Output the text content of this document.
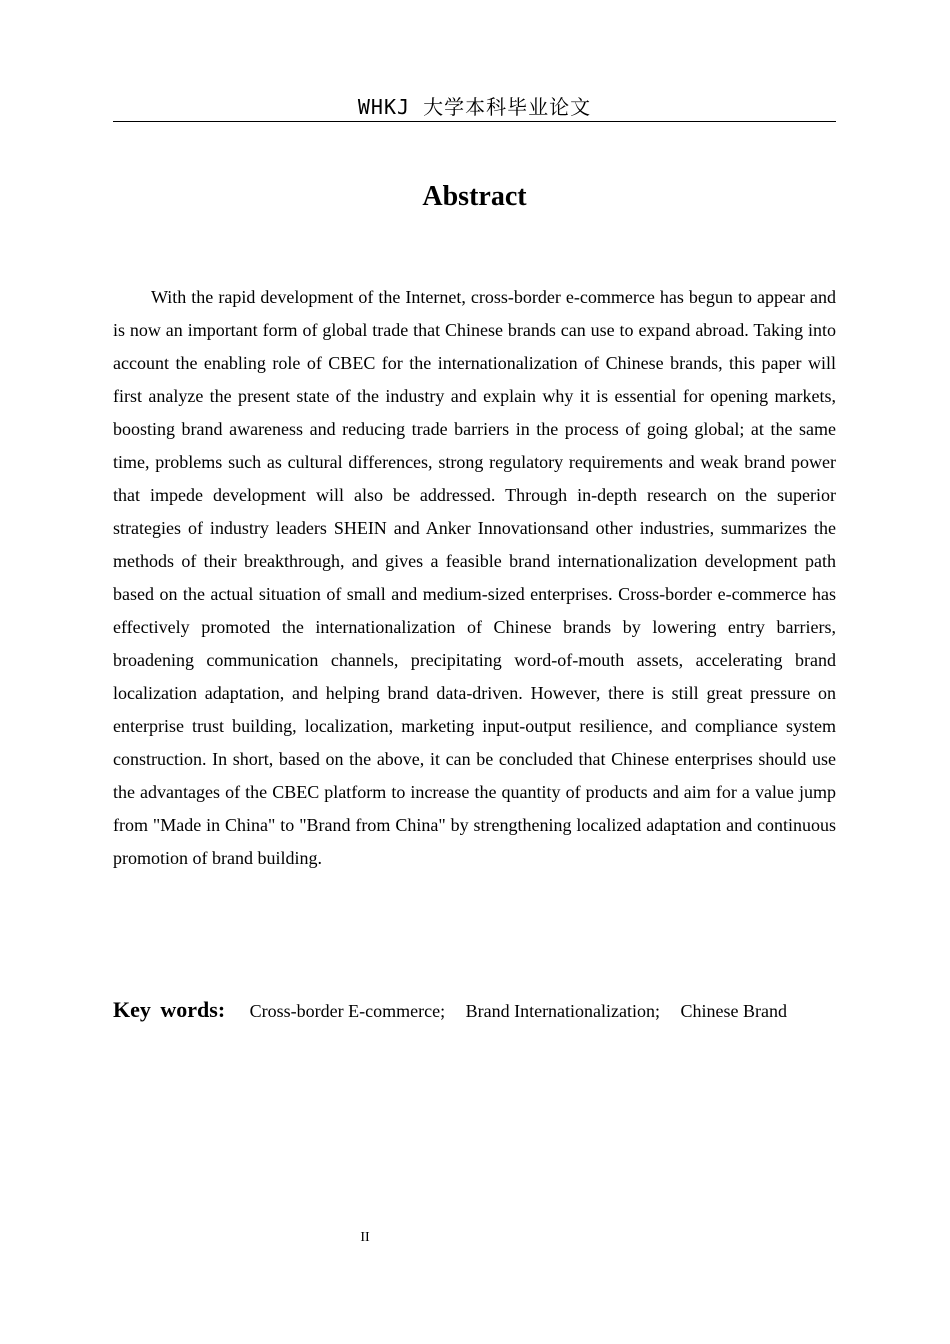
WHKJ 大学本科毕业论文
Abstract

With the rapid development of the Internet, cross-border e-commerce has begun to appear and is now an important form of global trade that Chinese brands can use to expand abroad. Taking into account the enabling role of CBEC for the internationalization of Chinese brands, this paper will first analyze the present state of the industry and explain why it is essential for opening markets, boosting brand awareness and reducing trade barriers in the process of going global; at the same time, problems such as cultural differences, strong regulatory requirements and weak brand power that impede development will also be addressed. Through in-depth research on the superior strategies of industry leaders SHEIN and Anker Innovationsand other industries, summarizes the methods of their breakthrough, and gives a feasible brand internationalization development path based on the actual situation of small and medium-sized enterprises. Cross-border e-commerce has effectively promoted the internationalization of Chinese brands by lowering entry barriers, broadening communication channels, precipitating word-of-mouth assets, accelerating brand localization adaptation, and helping brand data-driven. However, there is still great pressure on enterprise trust building, localization, marketing input-output resilience, and compliance system construction. In short, based on the above, it can be concluded that Chinese enterprises should use the advantages of the CBEC platform to increase the quantity of products and aim for a value jump from "Made in China" to "Brand from China" by strengthening localized adaptation and continuous promotion of brand building.

Key words: Cross-border E-commerce; Brand Internationalization; Chinese Brand
II
